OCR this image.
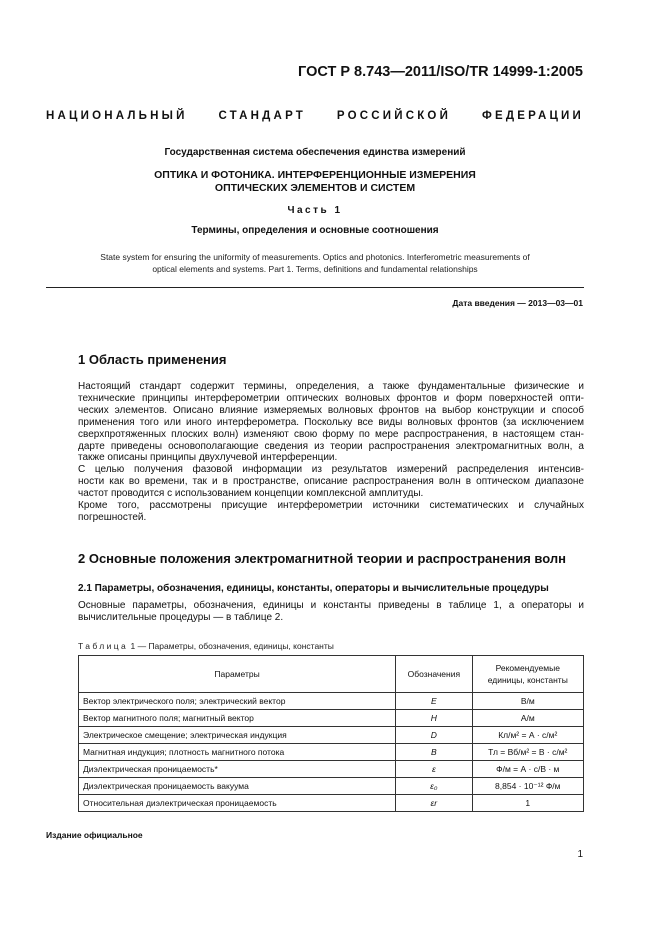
ГОСТ Р 8.743—2011/ISO/TR 14999-1:2005
НАЦИОНАЛЬНЫЙ	СТАНДАРТ	РОССИЙСКОЙ	ФЕДЕРАЦИИ
Государственная система обеспечения единства измерений
ОПТИКА И ФОТОНИКА. ИНТЕРФЕРЕНЦИОННЫЕ ИЗМЕРЕНИЯ
ОПТИЧЕСКИХ ЭЛЕМЕНТОВ И СИСТЕМ
Часть 1
Термины, определения и основные соотношения
State system for ensuring the uniformity of measurements. Optics and photonics. Interferometric measurements of
optical elements and systems. Part 1. Terms, definitions and fundamental relationships
Дата введения — 2013—03—01
1 Область применения
Настоящий стандарт содержит термины, определения, а также фундаментальные физические и
технические принципы интерферометрии оптических волновых фронтов и форм поверхностей опти-
ческих элементов. Описано влияние измеряемых волновых фронтов на выбор конструкции и способ
применения того или иного интерферометра. Поскольку все виды волновых фронтов (за исключением
сверхпротяженных плоских волн) изменяют свою форму по мере распространения, в настоящем стан-
дарте приведены основополагающие сведения из теории распространения электромагнитных волн, а
также описаны принципы двухлучевой интерференции.
С целью получения фазовой информации из результатов измерений распределения интенсив-
ности как во времени, так и в пространстве, описание распространения волн в оптическом диапазоне
частот проводится с использованием концепции комплексной амплитуды.
Кроме того, рассмотрены присущие интерферометрии источники систематических и случайных
погрешностей.
2 Основные положения электромагнитной теории и распространения волн
2.1 Параметры, обозначения, единицы, константы, операторы и вычислительные процедуры
Основные параметры, обозначения, единицы и константы приведены в таблице 1, а операторы и
вычислительные процедуры — в таблице 2.
Таблица 1 — Параметры, обозначения, единицы, константы
Параметры	Обозначения	Рекомендуемые единицы, константы
Вектор электрического поля; электрический вектор	E	В/м
Вектор магнитного поля; магнитный вектор	H	А/м
Электрическое смещение; электрическая индукция	D	Кл/м² = А · с/м²
Магнитная индукция; плотность магнитного потока	B	Тл = Вб/м² = В · с/м²
Диэлектрическая проницаемость*	ε	Ф/м = А · с/В · м
Диэлектрическая проницаемость вакуума	ε₀	8,854 · 10⁻¹² Ф/м
Относительная диэлектрическая проницаемость	εr	1
Издание официальное
1
